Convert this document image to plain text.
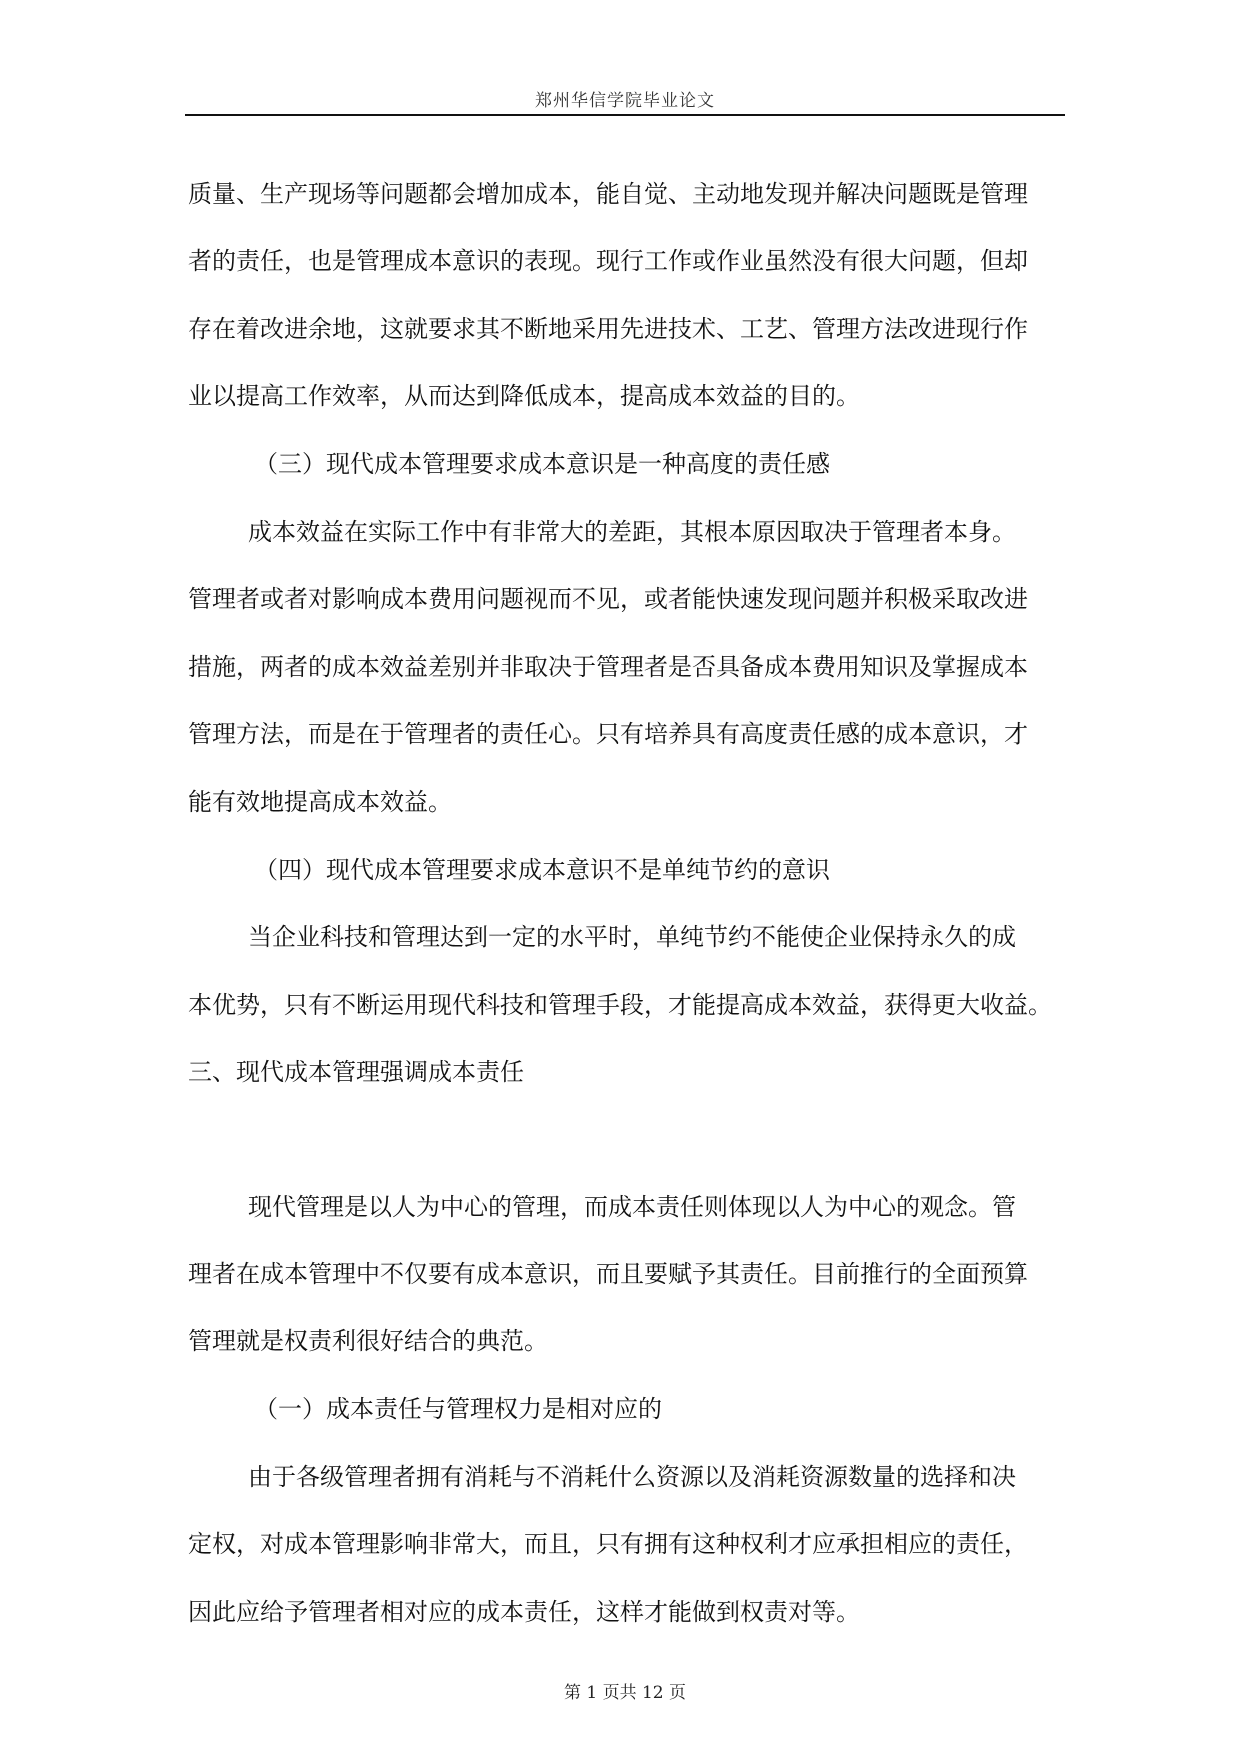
郑州华信学院毕业论文

质量、生产现场等问题都会增加成本，能自觉、主动地发现并解决问题既是管理

者的责任，也是管理成本意识的表现。现行工作或作业虽然没有很大问题，但却

存在着改进余地，这就要求其不断地采用先进技术、工艺、管理方法改进现行作

业以提高工作效率，从而达到降低成本，提高成本效益的目的。

（三）现代成本管理要求成本意识是一种高度的责任感

成本效益在实际工作中有非常大的差距，其根本原因取决于管理者本身。

管理者或者对影响成本费用问题视而不见，或者能快速发现问题并积极采取改进

措施，两者的成本效益差别并非取决于管理者是否具备成本费用知识及掌握成本

管理方法，而是在于管理者的责任心。只有培养具有高度责任感的成本意识，才

能有效地提高成本效益。

（四）现代成本管理要求成本意识不是单纯节约的意识

当企业科技和管理达到一定的水平时，单纯节约不能使企业保持永久的成

本优势，只有不断运用现代科技和管理手段，才能提高成本效益，获得更大收益。

三、现代成本管理强调成本责任

现代管理是以人为中心的管理，而成本责任则体现以人为中心的观念。管

理者在成本管理中不仅要有成本意识，而且要赋予其责任。目前推行的全面预算

管理就是权责利很好结合的典范。

（一）成本责任与管理权力是相对应的

由于各级管理者拥有消耗与不消耗什么资源以及消耗资源数量的选择和决

定权，对成本管理影响非常大，而且，只有拥有这种权利才应承担相应的责任，

因此应给予管理者相对应的成本责任，这样才能做到权责对等。

第 1 页共 12 页
